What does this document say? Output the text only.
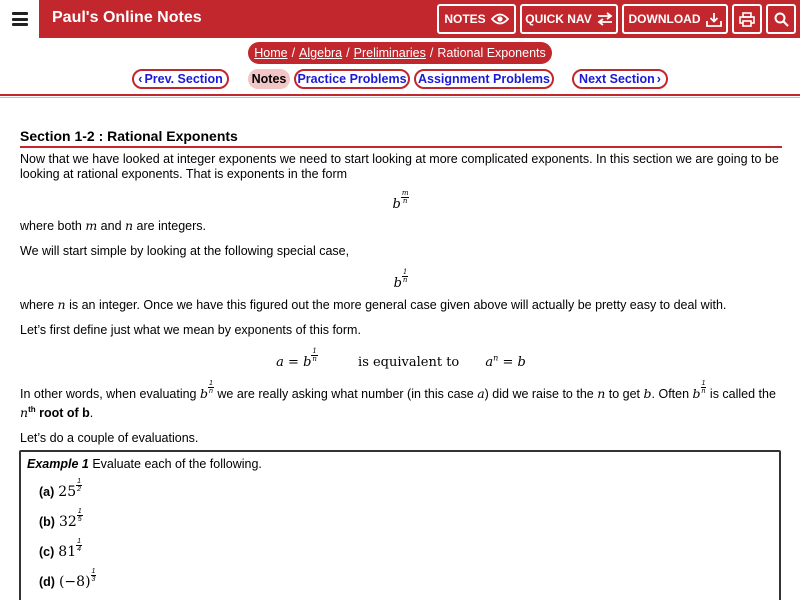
Paul's Online Notes	NOTES	QUICK NAV	DOWNLOAD
Home / Algebra / Preliminaries / Rational Exponents
‹ Prev. Section Notes Practice Problems Assignment Problems Next Section ›
Section 1-2 : Rational Exponents

Now that we have looked at integer exponents we need to start looking at more complicated exponents. In this section we are going to be looking at rational exponents. That is exponents in the form

b $\frac{m}{n}$

where both m and n are integers.

We will start simple by looking at the following special case,

b $\frac{1}{n}$

where n is an integer. Once we have this figured out the more general case given above will actually be pretty easy to deal with.

Let’s first define just what we mean by exponents of this form.

a = b $\frac{1}{n}$	is equivalent to $a^n = b$

In other words, when evaluating b $\frac{1}{n}$ we are really asking what number (in this case a) did we raise to the n to get b. Often b $\frac{1}{n}$ is called the
$n^{th}$ root of b.

Let’s do a couple of evaluations.

Example 1 Evaluate each of the following.
(a) $25 \frac{1}{2}$
(b) $32 \frac{1}{5}$
(c) $81 \frac{1}{4}$
(d) $(-8) \frac{1}{3}$
